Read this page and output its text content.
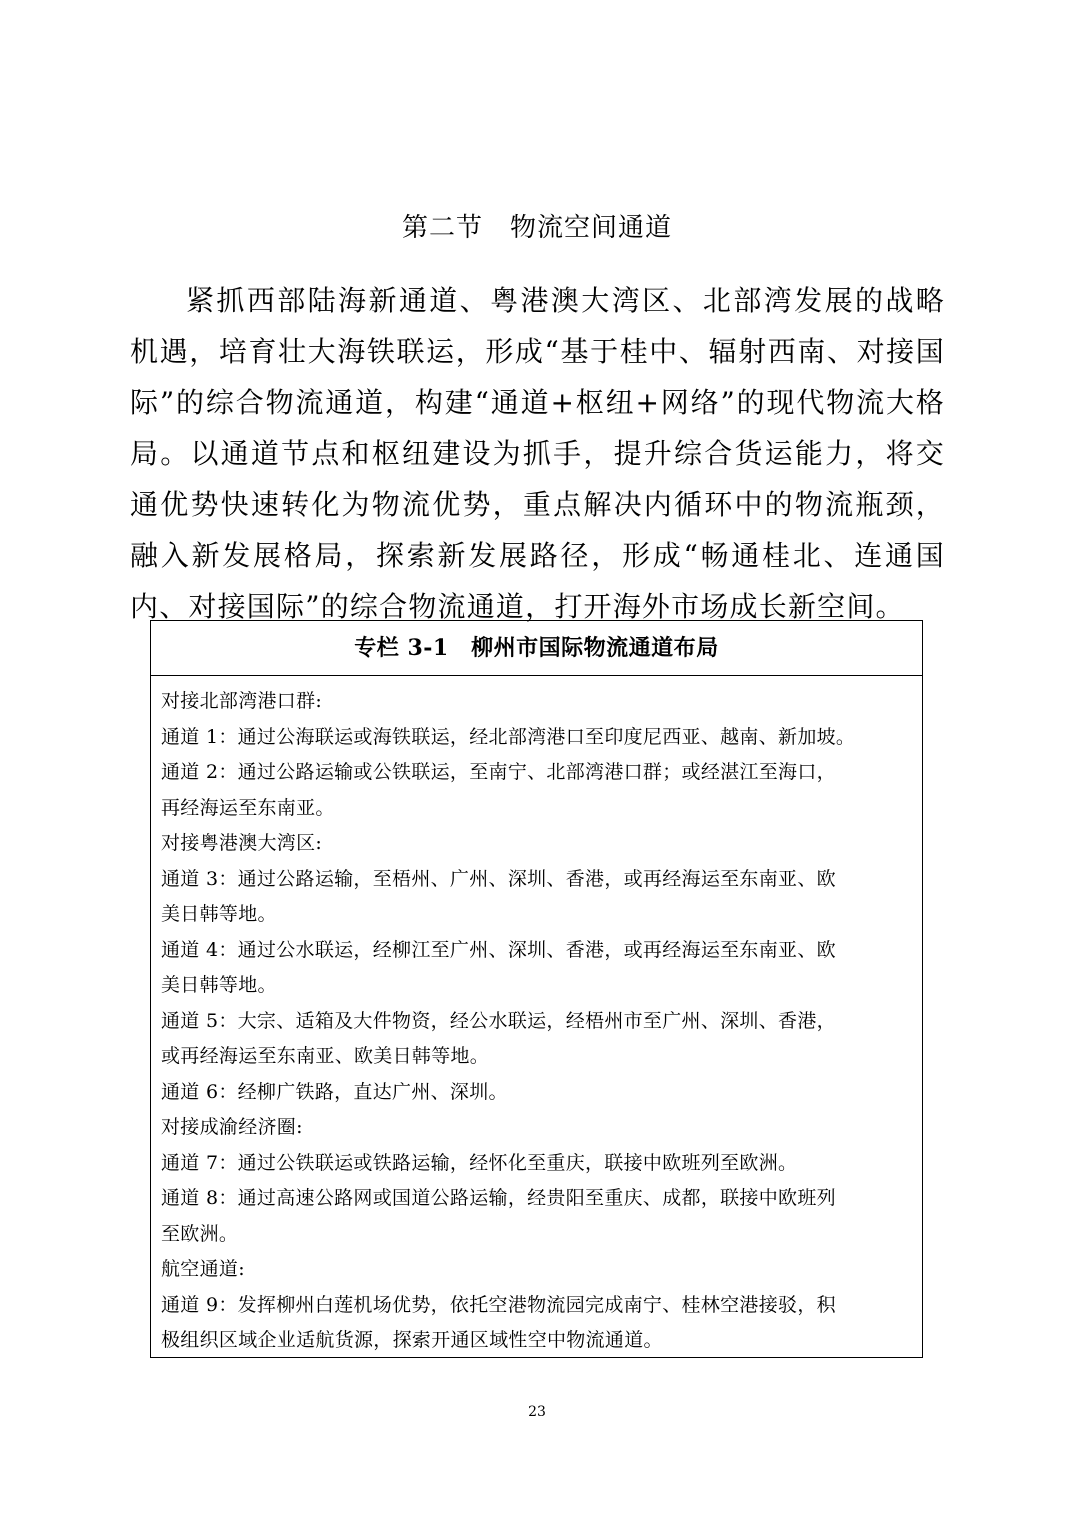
第二节　物流空间通道

紧抓西部陆海新通道、粤港澳大湾区、北部湾发展的战略机遇，培育壮大海铁联运，形成“基于桂中、辐射西南、对接国际”的综合物流通道，构建“通道+枢纽+网络”的现代物流大格局。以通道节点和枢纽建设为抓手，提升综合货运能力，将交通优势快速转化为物流优势，重点解决内循环中的物流瓶颈，融入新发展格局，探索新发展路径，形成“畅通桂北、连通国内、对接国际”的综合物流通道，打开海外市场成长新空间。

专栏 3-1　柳州市国际物流通道布局
对接北部湾港口群:
通道 1：通过公海联运或海铁联运，经北部湾港口至印度尼西亚、越南、新加坡。
通道 2：通过公路运输或公铁联运，至南宁、北部湾港口群；或经湛江至海口，
再经海运至东南亚。
对接粤港澳大湾区:
通道 3：通过公路运输，至梧州、广州、深圳、香港，或再经海运至东南亚、欧
美日韩等地。
通道 4：通过公水联运，经柳江至广州、深圳、香港，或再经海运至东南亚、欧
美日韩等地。
通道 5：大宗、适箱及大件物资，经公水联运，经梧州市至广州、深圳、香港，
或再经海运至东南亚、欧美日韩等地。
通道 6：经柳广铁路，直达广州、深圳。
对接成渝经济圈:
通道 7：通过公铁联运或铁路运输，经怀化至重庆，联接中欧班列至欧洲。
通道 8：通过高速公路网或国道公路运输，经贵阳至重庆、成都，联接中欧班列
至欧洲。
航空通道:
通道 9：发挥柳州白莲机场优势，依托空港物流园完成南宁、桂林空港接驳，积
极组织区域企业适航货源，探索开通区域性空中物流通道。
23
